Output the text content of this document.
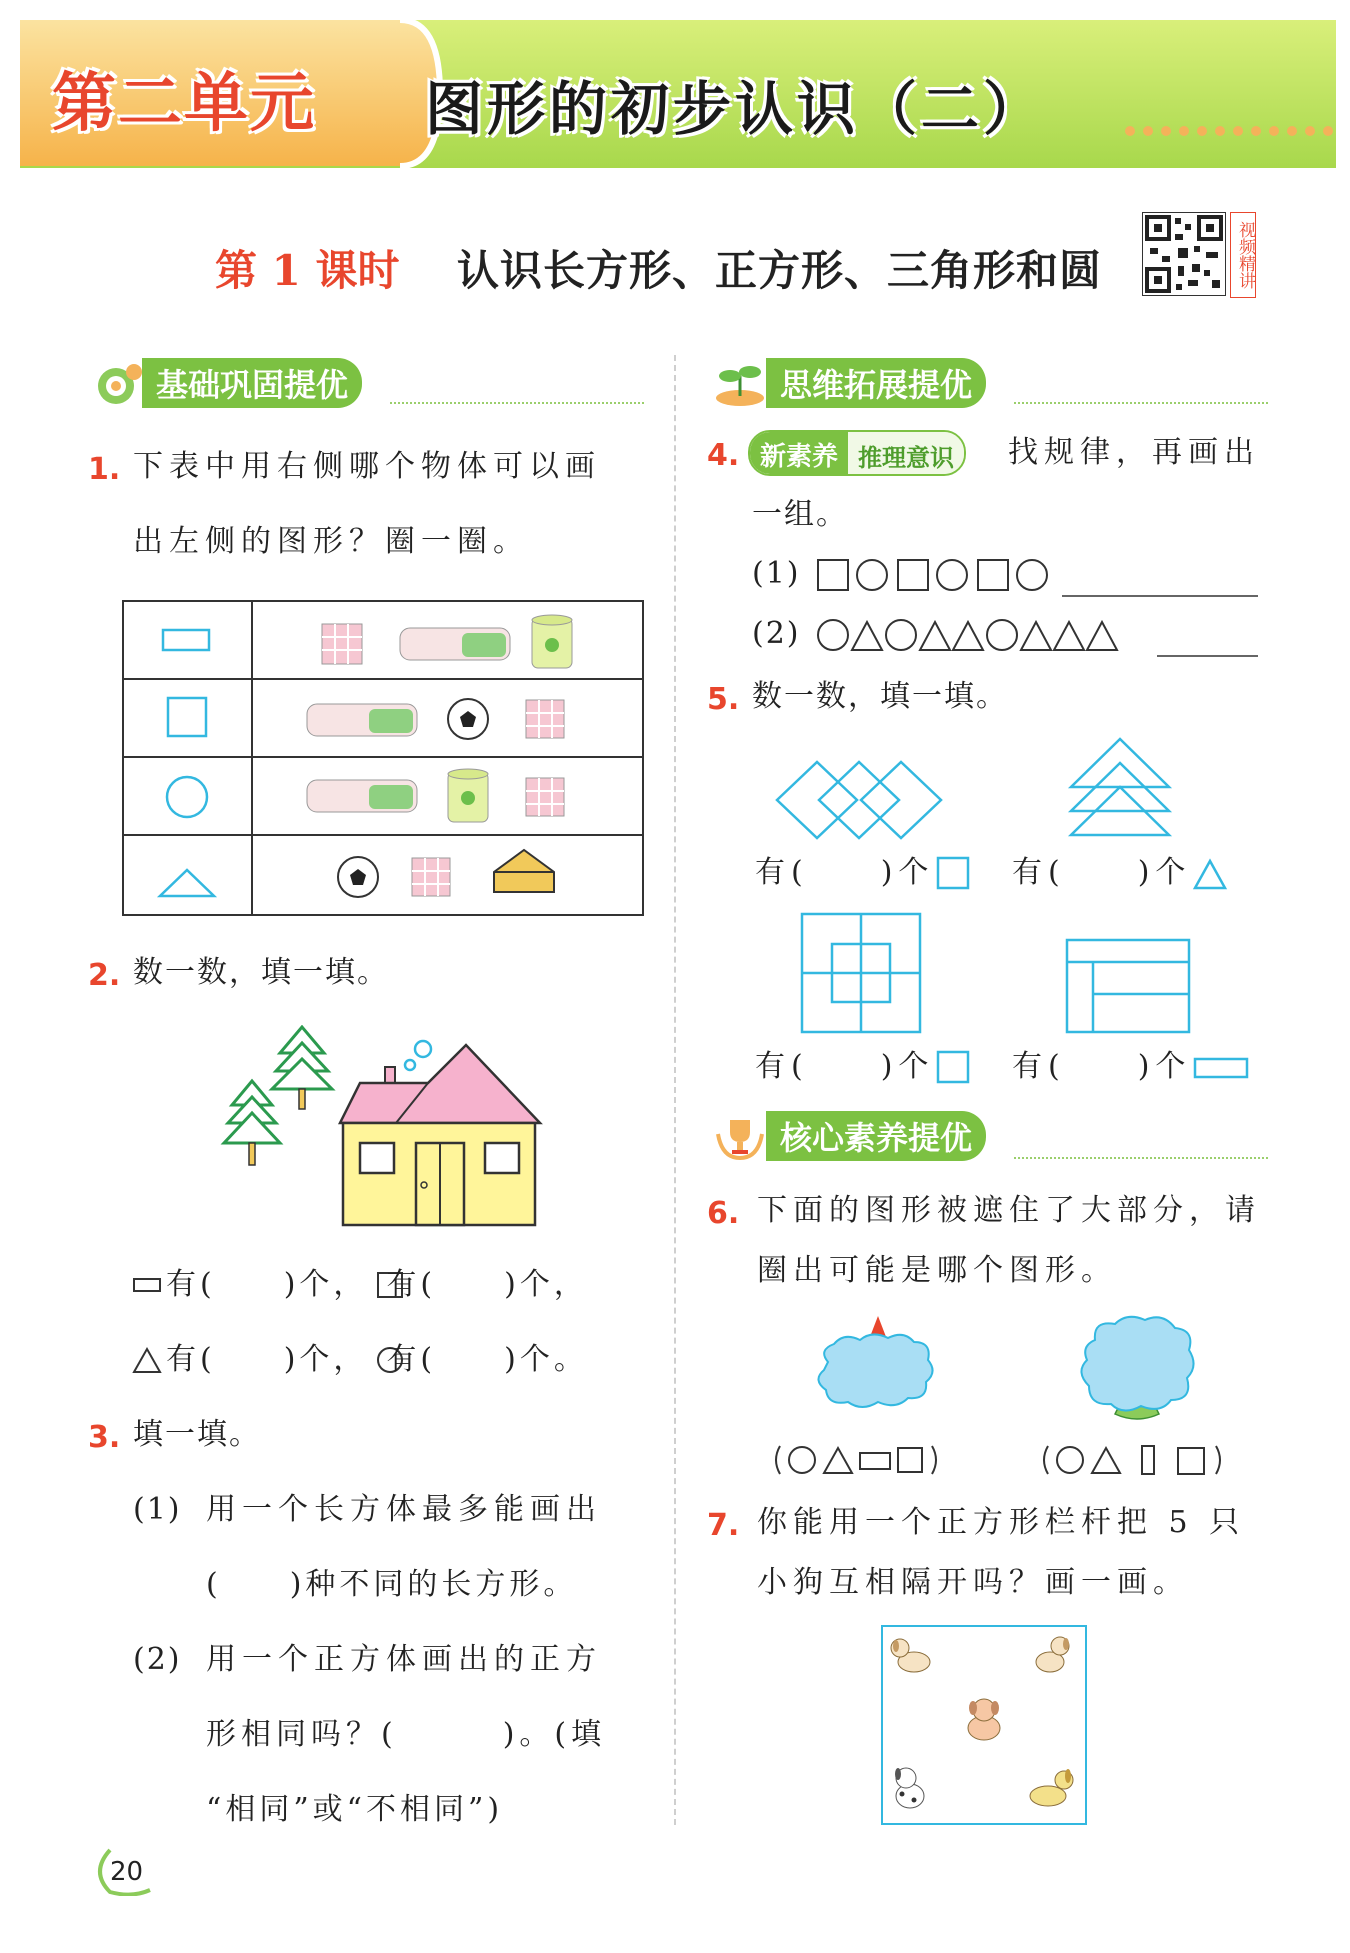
第二单元 图形的初步认识（二）
第 1 课时 认识长方形、正方形、三角形和圆	视频精讲
基础巩固提优
1. 下表中用右侧哪个物体可以画
出左侧的图形？圈一圈。
2. 数一数，填一填。
有(　　)个，　有(　　)个，
有(　　)个，　有(　　)个。
3. 填一填。
(1) 用一个长方体最多能画出
(　　)种不同的长方形。
(2) 用一个正方体画出的正方
形相同吗？(　　　)。(填
“相同”或“不相同”)
20
思维拓展提优
4. 新素养 推理意识	找规律，再画出
一组。
(1)
(2)
5. 数一数，填一填。
有(　　)个	有(　　)个
有(　　)个	有(　　)个
核心素养提优
6. 下面的图形被遮住了大部分，请
圈出可能是哪个图形。
7. 你能用一个正方形栏杆把 5 只
小狗互相隔开吗？画一画。
